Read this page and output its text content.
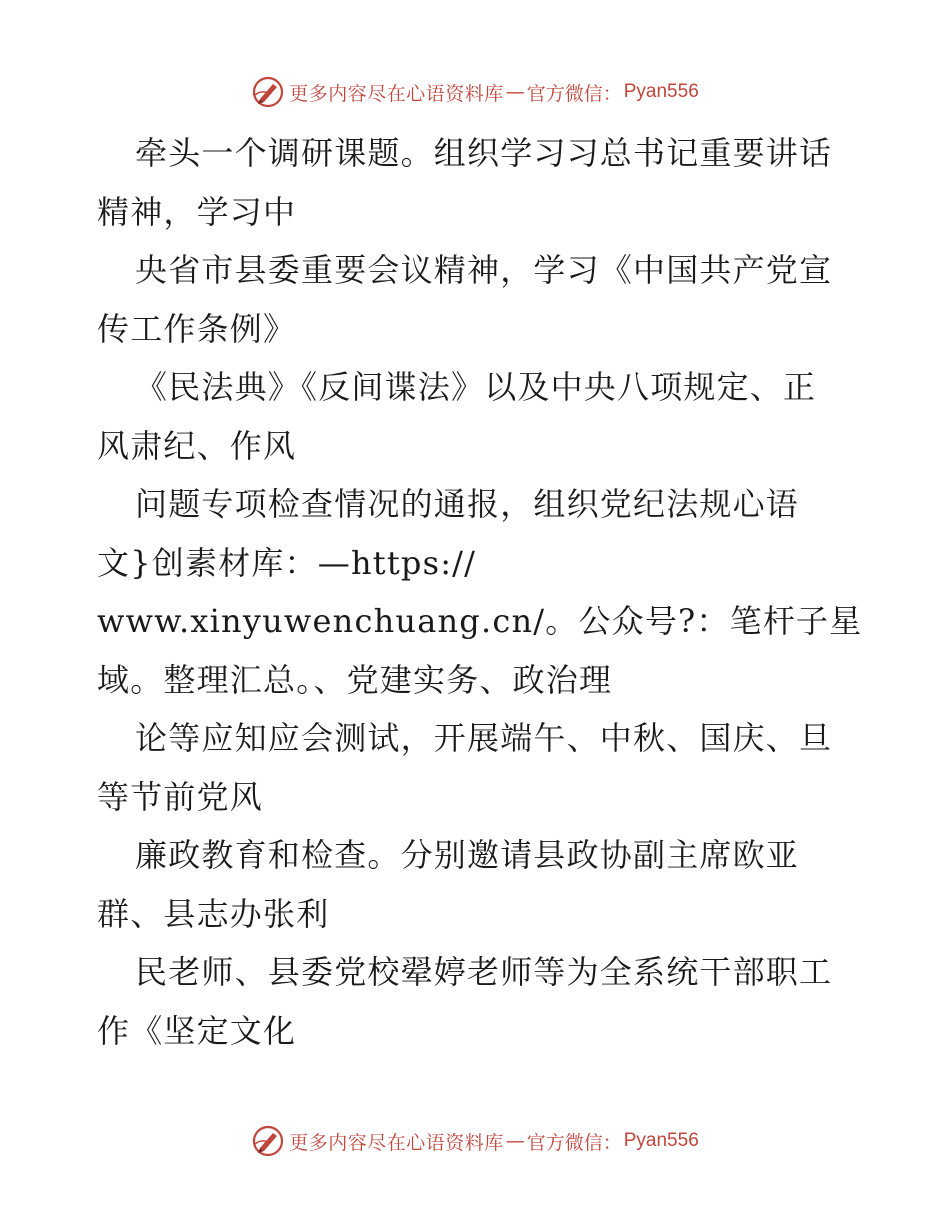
更多内容尽在心语资料库 — 官方微信： Pyan556
牵头一个调研课题。组织学习习总书记重要讲话
精神，学习中
央省市县委重要会议精神，学习《中国共产党宣
传工作条例》
《民法典》《反间谍法》以及中央八项规定、正
风肃纪、作风
问题专项检查情况的通报，组织党纪法规心语
文}创素材库：—https://
www.xinyuwenchuang.cn/。公众号?：笔杆子星
域。整理汇总。、党建实务、政治理
论等应知应会测试，开展端午、中秋、国庆、旦
等节前党风
廉政教育和检查。分别邀请县政协副主席欧亚
群、县志办张利
民老师、县委党校翚婷老师等为全系统干部职工
作《坚定文化
更多内容尽在心语资料库 — 官方微信： Pyan556
